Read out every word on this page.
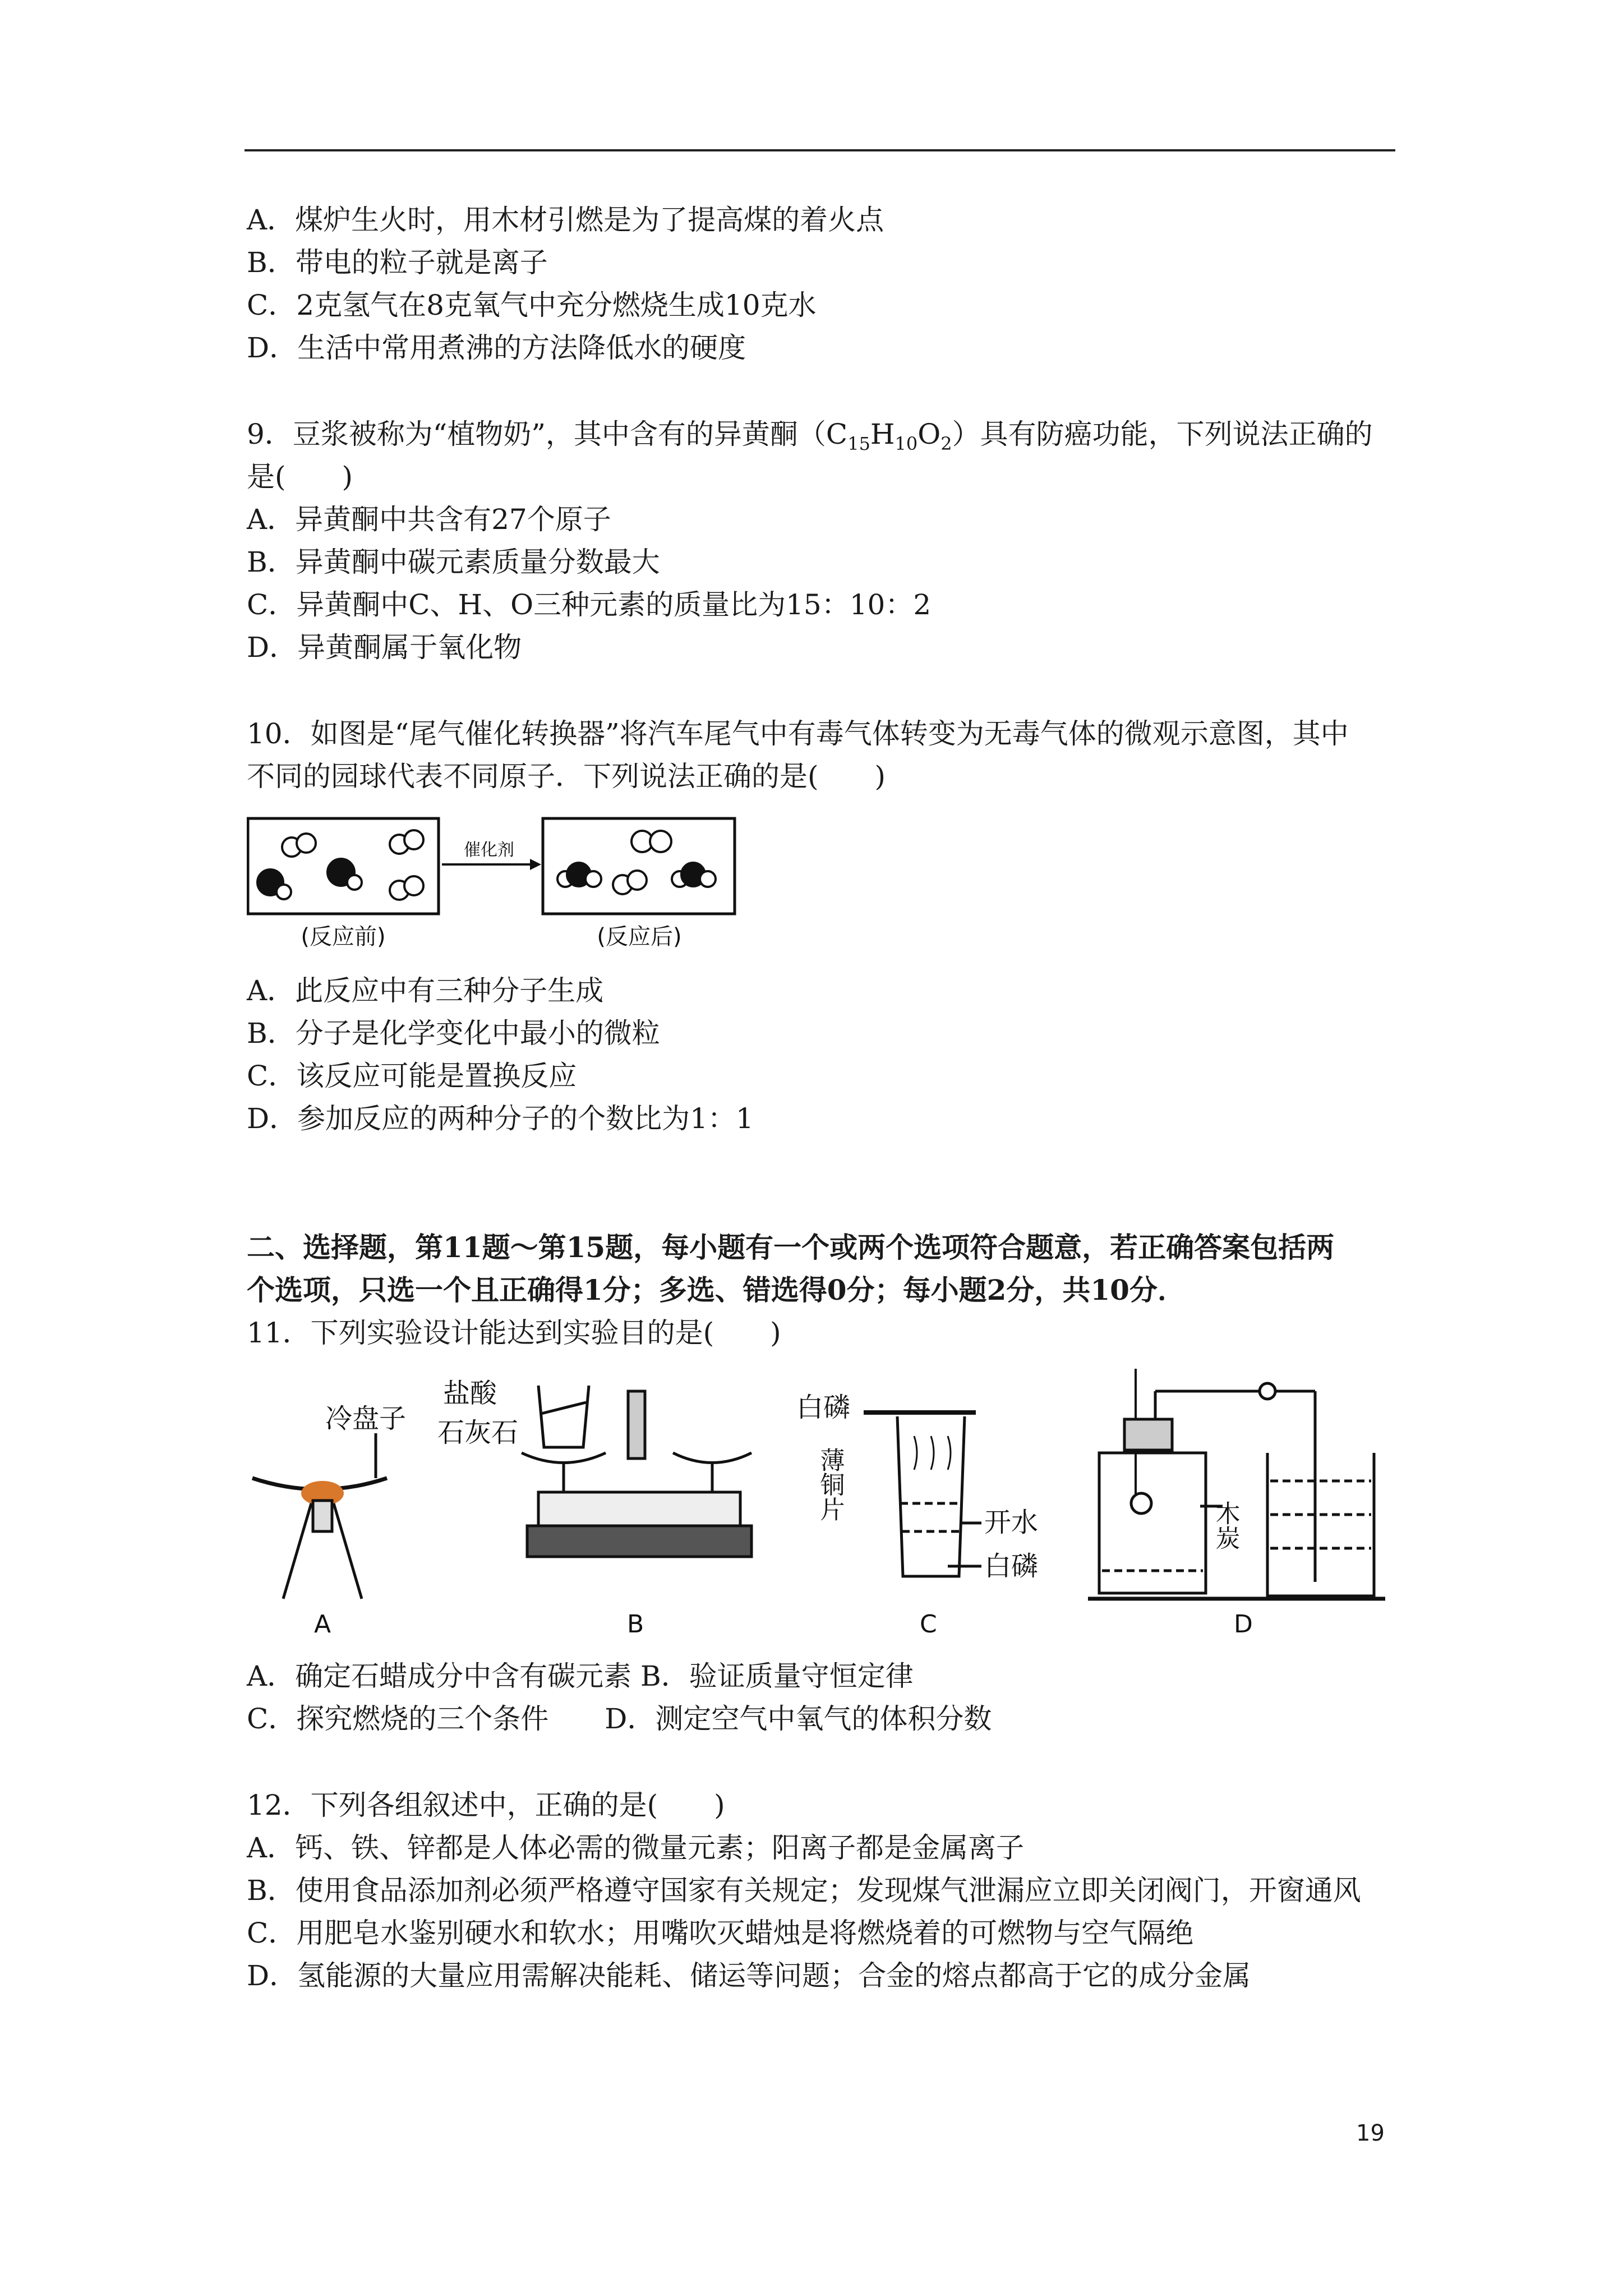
A．煤炉生火时，用木材引燃是为了提高煤的着火点
B．带电的粒子就是离子
C．2克氢气在8克氧气中充分燃烧生成10克水
D．生活中常用煮沸的方法降低水的硬度
9．豆浆被称为“植物奶”，其中含有的异黄酮$(C_{15}H_{10}O_2)$具有防癌功能，下列说法正确的
是(　　)
A．异黄酮中共含有27个原子
B．异黄酮中碳元素质量分数最大
C．异黄酮中C、H、O三种元素的质量比为15：10：2
D．异黄酮属于氧化物
10．如图是“尾气催化转换器”将汽车尾气中有毒气体转变为无毒气体的微观示意图，其中
不同的园球代表不同原子．下列说法正确的是(　　)
催化剂
(反应前)	(反应后)
A．此反应中有三种分子生成
B．分子是化学变化中最小的微粒
C．该反应可能是置换反应
D．参加反应的两种分子的个数比为1：1
二、选择题，第11题～第15题，每小题有一个或两个选项符合题意，若正确答案包括两
个选项，只选一个且正确得1分；多选、错选得0分；每小题2分，共10分．
11．下列实验设计能达到实验目的是(　　)
冷盘子
A
盐酸
石灰石
B
白磷
薄铜片
开水
白磷
C
木炭
D
A．确定石蜡成分中含有碳元素 B．验证质量守恒定律
C．探究燃烧的三个条件　　D．测定空气中氧气的体积分数
12．下列各组叙述中，正确的是(　　)
A．钙、铁、锌都是人体必需的微量元素；阳离子都是金属离子
B．使用食品添加剂必须严格遵守国家有关规定；发现煤气泄漏应立即关闭阀门，开窗通风
C．用肥皂水鉴别硬水和软水；用嘴吹灭蜡烛是将燃烧着的可燃物与空气隔绝
D．氢能源的大量应用需解决能耗、储运等问题；合金的熔点都高于它的成分金属
19
